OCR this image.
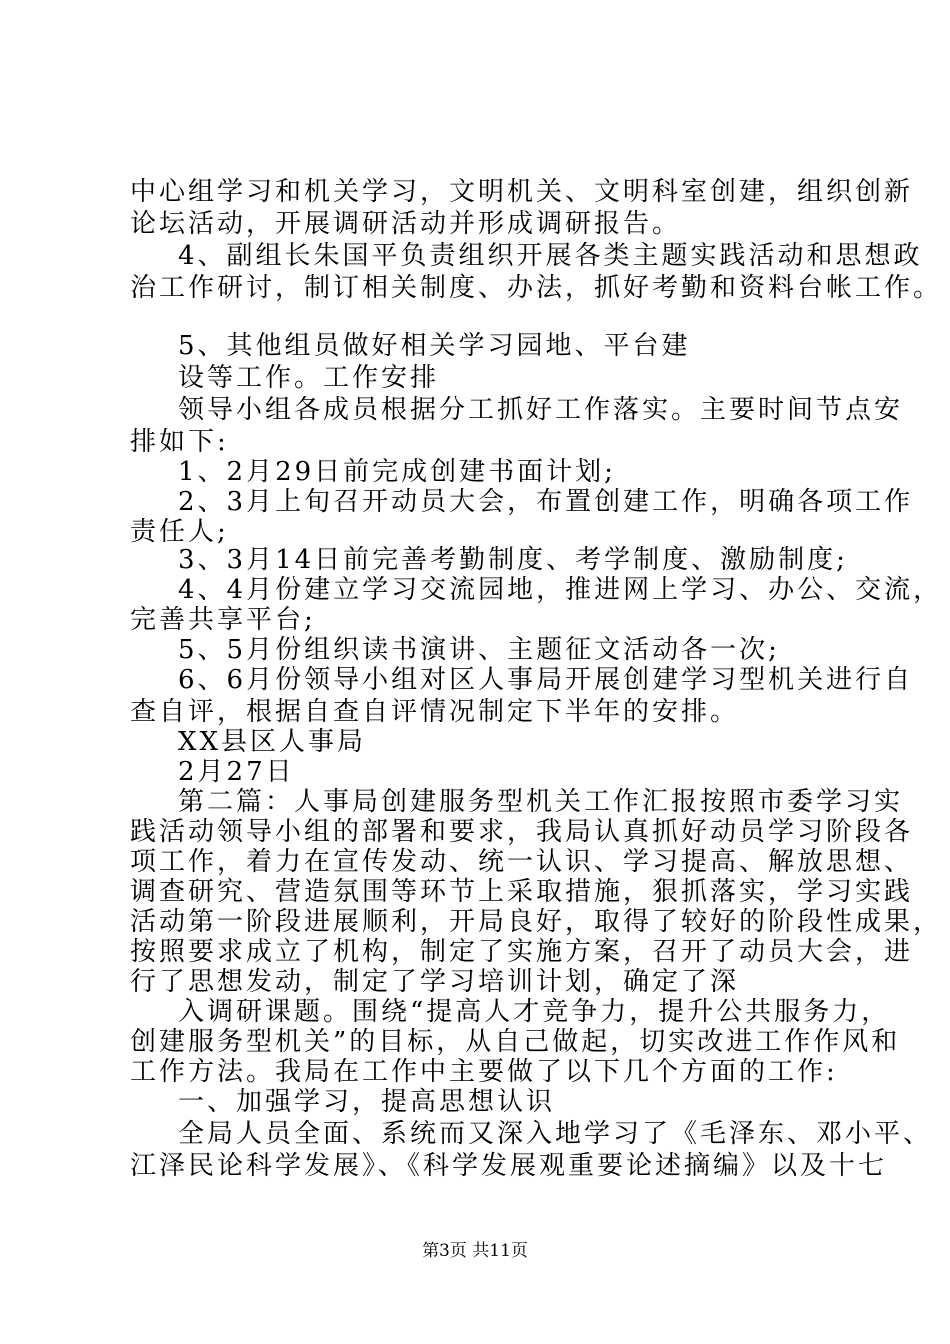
中心组学习和机关学习，文明机关、文明科室创建，组织创新
论坛活动，开展调研活动并形成调研报告。
4、副组长朱国平负责组织开展各类主题实践活动和思想政
治工作研讨，制订相关制度、办法，抓好考勤和资料台帐工作。
5、其他组员做好相关学习园地、平台建
设等工作。工作安排
领导小组各成员根据分工抓好工作落实。主要时间节点安
排如下:
1、2月29日前完成创建书面计划;
2、3月上旬召开动员大会，布置创建工作，明确各项工作
责任人;
3、3月14日前完善考勤制度、考学制度、激励制度;
4、4月份建立学习交流园地，推进网上学习、办公、交流，
完善共享平台;
5、5月份组织读书演讲、主题征文活动各一次;
6、6月份领导小组对区人事局开展创建学习型机关进行自
查自评，根据自查自评情况制定下半年的安排。
XX县区人事局
2月27日
第二篇：人事局创建服务型机关工作汇报按照市委学习实
践活动领导小组的部署和要求，我局认真抓好动员学习阶段各
项工作，着力在宣传发动、统一认识、学习提高、解放思想、
调查研究、营造氛围等环节上采取措施，狠抓落实，学习实践
活动第一阶段进展顺利，开局良好，取得了较好的阶段性成果，
按照要求成立了机构，制定了实施方案，召开了动员大会，进
行了思想发动，制定了学习培训计划，确定了深
入调研课题。围绕“提高人才竞争力，提升公共服务力，
创建服务型机关”的目标，从自己做起，切实改进工作作风和
工作方法。我局在工作中主要做了以下几个方面的工作:
一、加强学习，提高思想认识
全局人员全面、系统而又深入地学习了《毛泽东、邓小平、
江泽民论科学发展》、《科学发展观重要论述摘编》以及十七
第3页 共11页
